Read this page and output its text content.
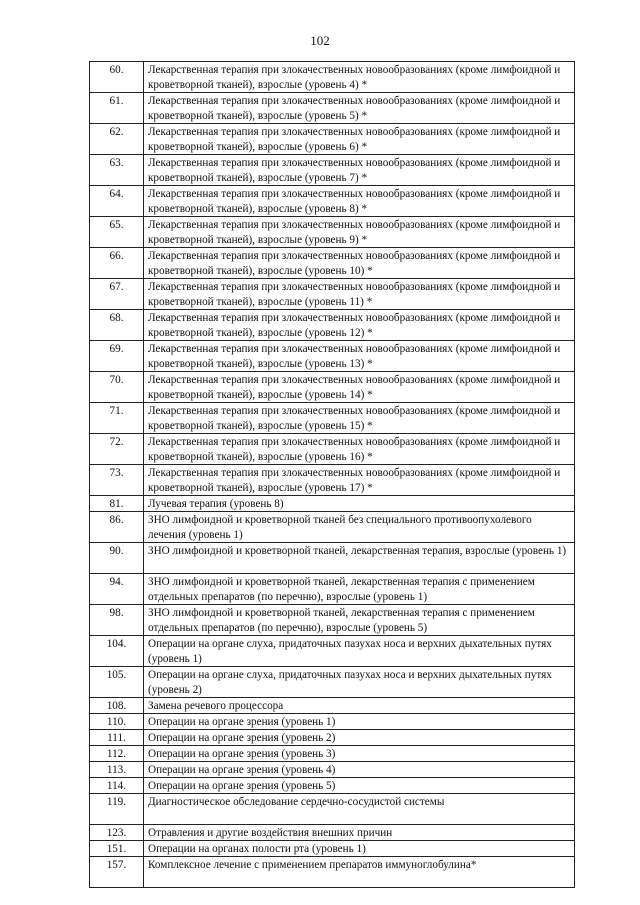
102
60.	Лекарственная терапия при злокачественных новообразованиях (кроме лимфоидной и кроветворной тканей), взрослые (уровень 4) *
61.	Лекарственная терапия при злокачественных новообразованиях (кроме лимфоидной и кроветворной тканей), взрослые (уровень 5) *
62.	Лекарственная терапия при злокачественных новообразованиях (кроме лимфоидной и кроветворной тканей), взрослые (уровень 6) *
63.	Лекарственная терапия при злокачественных новообразованиях (кроме лимфоидной и кроветворной тканей), взрослые (уровень 7) *
64.	Лекарственная терапия при злокачественных новообразованиях (кроме лимфоидной и кроветворной тканей), взрослые (уровень 8) *
65.	Лекарственная терапия при злокачественных новообразованиях (кроме лимфоидной и кроветворной тканей), взрослые (уровень 9) *
66.	Лекарственная терапия при злокачественных новообразованиях (кроме лимфоидной и кроветворной тканей), взрослые (уровень 10) *
67.	Лекарственная терапия при злокачественных новообразованиях (кроме лимфоидной и кроветворной тканей), взрослые (уровень 11) *
68.	Лекарственная терапия при злокачественных новообразованиях (кроме лимфоидной и кроветворной тканей), взрослые (уровень 12) *
69.	Лекарственная терапия при злокачественных новообразованиях (кроме лимфоидной и кроветворной тканей), взрослые (уровень 13) *
70.	Лекарственная терапия при злокачественных новообразованиях (кроме лимфоидной и кроветворной тканей), взрослые (уровень 14) *
71.	Лекарственная терапия при злокачественных новообразованиях (кроме лимфоидной и кроветворной тканей), взрослые (уровень 15) *
72.	Лекарственная терапия при злокачественных новообразованиях (кроме лимфоидной и кроветворной тканей), взрослые (уровень 16) *
73.	Лекарственная терапия при злокачественных новообразованиях (кроме лимфоидной и кроветворной тканей), взрослые (уровень 17) *
81.	Лучевая терапия (уровень 8)
86.	ЗНО лимфоидной и кроветворной тканей без специального противоопухолевого лечения (уровень 1)
90.	ЗНО лимфоидной и кроветворной тканей, лекарственная терапия, взрослые (уровень 1)
94.	ЗНО лимфоидной и кроветворной тканей, лекарственная терапия с применением отдельных препаратов (по перечню), взрослые (уровень 1)
98.	ЗНО лимфоидной и кроветворной тканей, лекарственная терапия с применением отдельных препаратов (по перечню), взрослые (уровень 5)
104.	Операции на органе слуха, придаточных пазухах носа и верхних дыхательных путях (уровень 1)
105.	Операции на органе слуха, придаточных пазухах носа и верхних дыхательных путях (уровень 2)
108.	Замена речевого процессора
110.	Операции на органе зрения (уровень 1)
111.	Операции на органе зрения (уровень 2)
112.	Операции на органе зрения (уровень 3)
113.	Операции на органе зрения (уровень 4)
114.	Операции на органе зрения (уровень 5)
119.	Диагностическое обследование сердечно-сосудистой системы
123.	Отравления и другие воздействия внешних причин
151.	Операции на органах полости рта (уровень 1)
157.	Комплексное лечение с применением препаратов иммуноглобулина*
